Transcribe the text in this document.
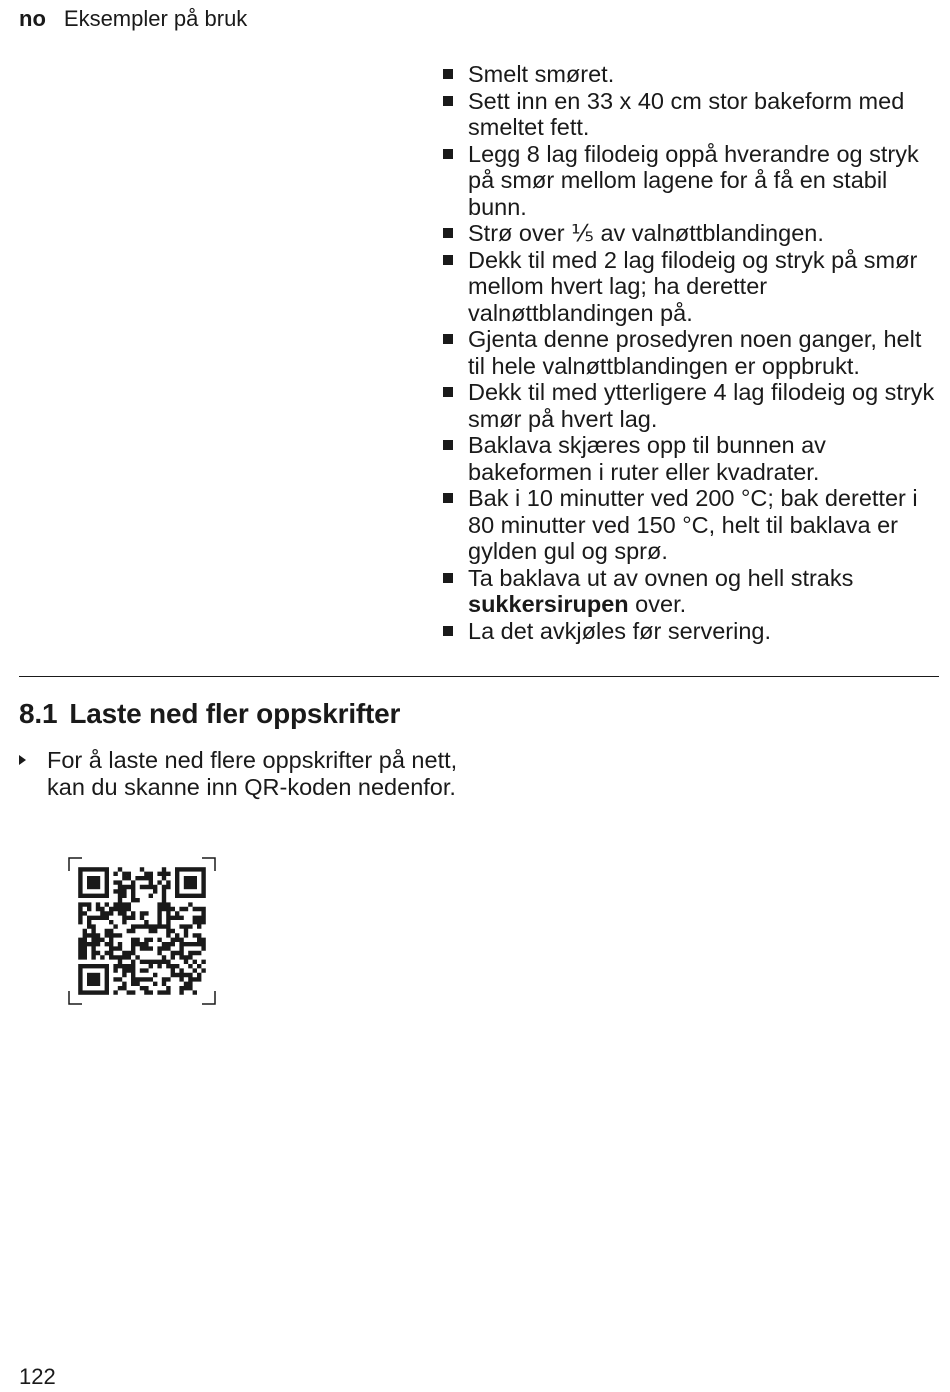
no Eksempler på bruk
Smelt smøret.
Sett inn en 33 x 40 cm stor bakeform med smeltet fett.
Legg 8 lag filodeig oppå hverandre og stryk på smør mellom lagene for å få en stabil bunn.
Strø over ⅕ av valnøttblandingen.
Dekk til med 2 lag filodeig og stryk på smør mellom hvert lag; ha deretter valnøttblandingen på.
Gjenta denne prosedyren noen ganger, helt til hele valnøttblandingen er oppbrukt.
Dekk til med ytterligere 4 lag filodeig og stryk smør på hvert lag.
Baklava skjæres opp til bunnen av bakeformen i ruter eller kvadrater.
Bak i 10 minutter ved 200 °C; bak deretter i 80 minutter ved 150 °C, helt til baklava er gylden gul og sprø.
Ta baklava ut av ovnen og hell straks sukkersirupen over.
La det avkjøles før servering.
8.1 Laste ned fler oppskrifter
For å laste ned flere oppskrifter på nett, kan du skanne inn QR-koden nedenfor.
122
